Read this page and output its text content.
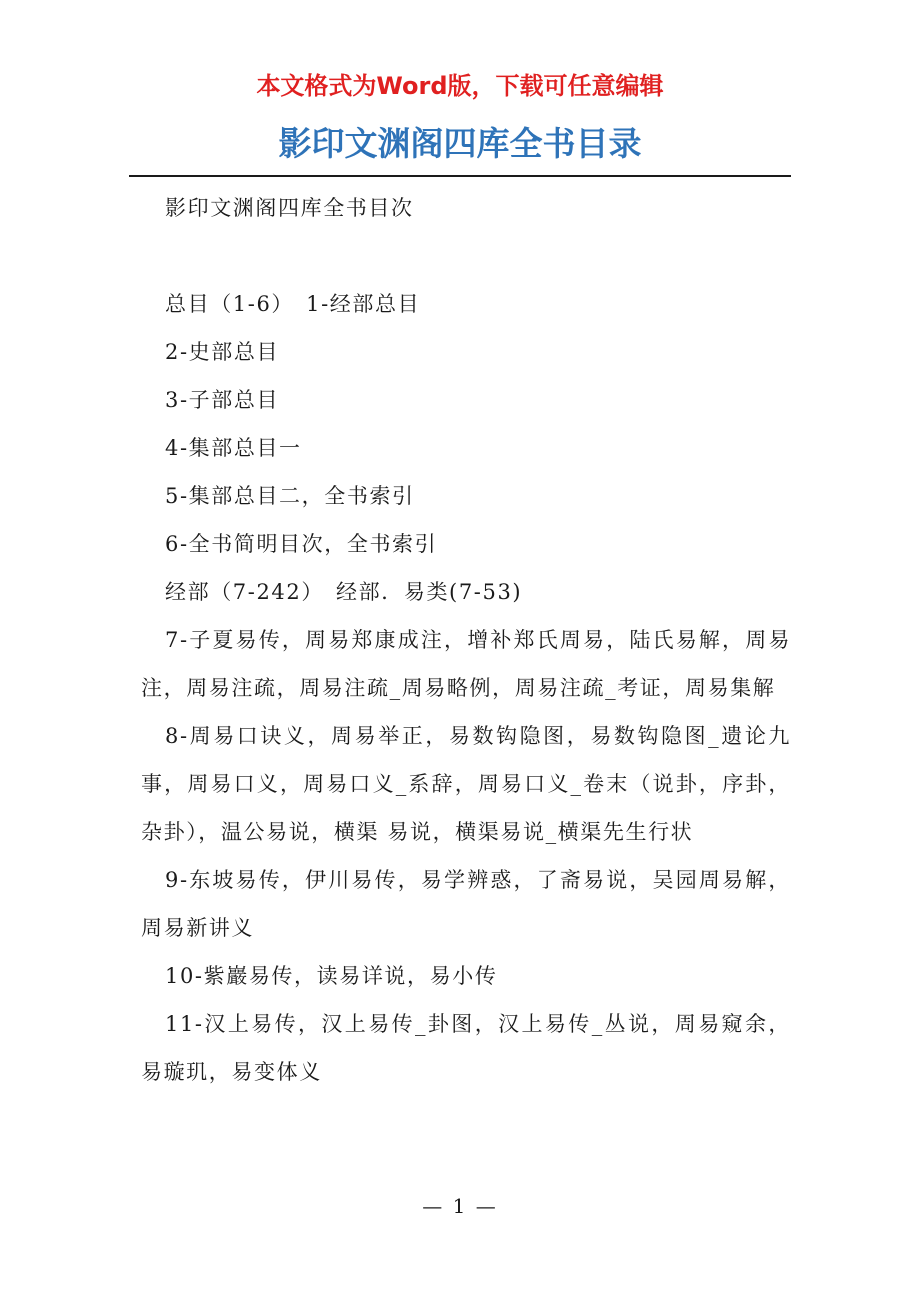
本文格式为Word版，下载可任意编辑
影印文渊阁四库全书目录

影印文渊阁四库全书目次

总目（1-6）　1-经部总目

2-史部总目

3-子部总目

4-集部总目一

5-集部总目二，全书索引

6-全书简明目次，全书索引

经部（7-242）　经部．易类(7-53)

7-子夏易传，周易郑康成注，增补郑氏周易，陆氏易解，周易注，周易注疏，周易注疏_周易略例，周易注疏_考证，周易集解

8-周易口诀义，周易举正，易数钩隐图，易数钩隐图_遗论九事，周易口义，周易口义_系辞，周易口义_卷末（说卦，序卦，杂卦），温公易说，横渠 易说，横渠易说_横渠先生行状

9-东坡易传，伊川易传，易学辨惑，了斋易说，吴园周易解，周易新讲义

10-紫巖易传，读易详说，易小传

11-汉上易传，汉上易传_卦图，汉上易传_丛说，周易窥余，易璇玑，易变体义

— 1 —
